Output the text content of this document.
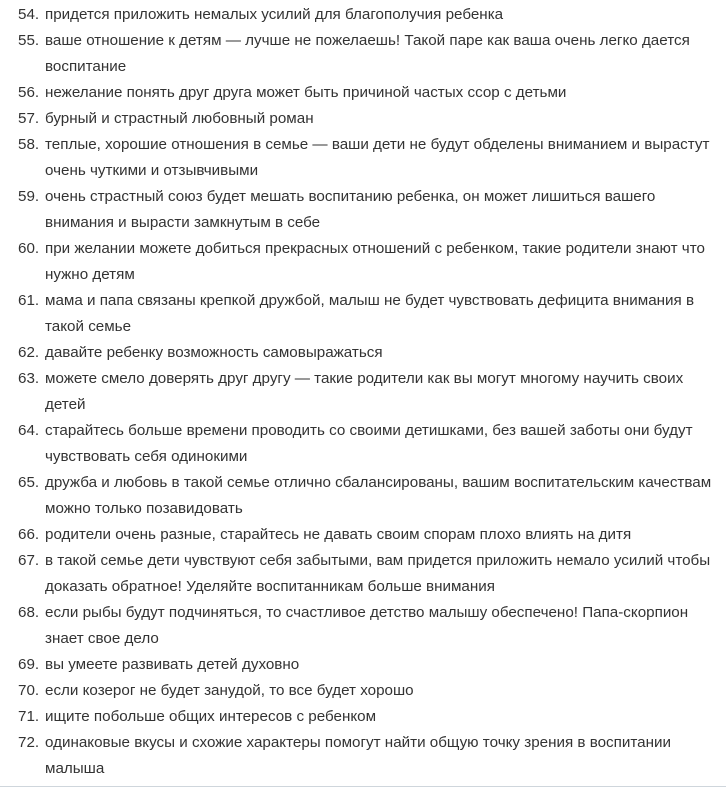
54. придется приложить немалых усилий для благополучия ребенка
55. ваше отношение к детям — лучше не пожелаешь! Такой паре как ваша очень легко дается воспитание
56. нежелание понять друг друга может быть причиной частых ссор с детьми
57. бурный и страстный любовный роман
58. теплые, хорошие отношения в семье — ваши дети не будут обделены вниманием и вырастут очень чуткими и отзывчивыми
59. очень страстный союз будет мешать воспитанию ребенка, он может лишиться вашего внимания и вырасти замкнутым в себе
60. при желании можете добиться прекрасных отношений с ребенком, такие родители знают что нужно детям
61. мама и папа связаны крепкой дружбой, малыш не будет чувствовать дефицита внимания в такой семье
62. давайте ребенку возможность самовыражаться
63. можете смело доверять друг другу — такие родители как вы могут многому научить своих детей
64. старайтесь больше времени проводить со своими детишками, без вашей заботы они будут чувствовать себя одинокими
65. дружба и любовь в такой семье отлично сбалансированы, вашим воспитательским качествам можно только позавидовать
66. родители очень разные, старайтесь не давать своим спорам плохо влиять на дитя
67. в такой семье дети чувствуют себя забытыми, вам придется приложить немало усилий чтобы доказать обратное! Уделяйте воспитанникам больше внимания
68. если рыбы будут подчиняться, то счастливое детство малышу обеспечено! Папа-скорпион знает свое дело
69. вы умеете развивать детей духовно
70. если козерог не будет занудой, то все будет хорошо
71. ищите побольше общих интересов с ребенком
72. одинаковые вкусы и схожие характеры помогут найти общую точку зрения в воспитании малыша
